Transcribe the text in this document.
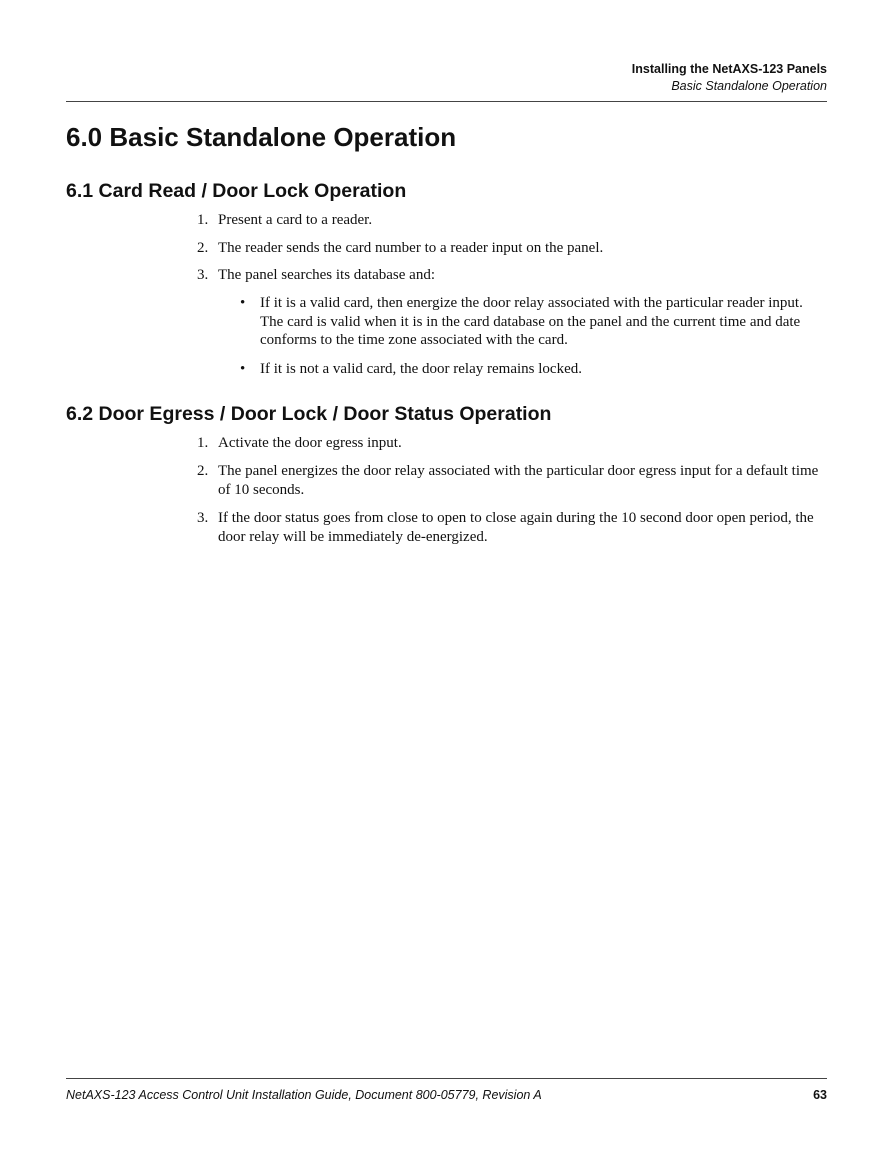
Installing the NetAXS-123 Panels
Basic Standalone Operation
6.0 Basic Standalone Operation
6.1 Card Read / Door Lock Operation
1. Present a card to a reader.
2. The reader sends the card number to a reader input on the panel.
3. The panel searches its database and:
• If it is a valid card, then energize the door relay associated with the particular reader input. The card is valid when it is in the card database on the panel and the current time and date conforms to the time zone associated with the card.
• If it is not a valid card, the door relay remains locked.
6.2 Door Egress / Door Lock / Door Status Operation
1. Activate the door egress input.
2. The panel energizes the door relay associated with the particular door egress input for a default time of 10 seconds.
3. If the door status goes from close to open to close again during the 10 second door open period, the door relay will be immediately de-energized.
NetAXS-123 Access Control Unit Installation Guide, Document 800-05779, Revision A	63
